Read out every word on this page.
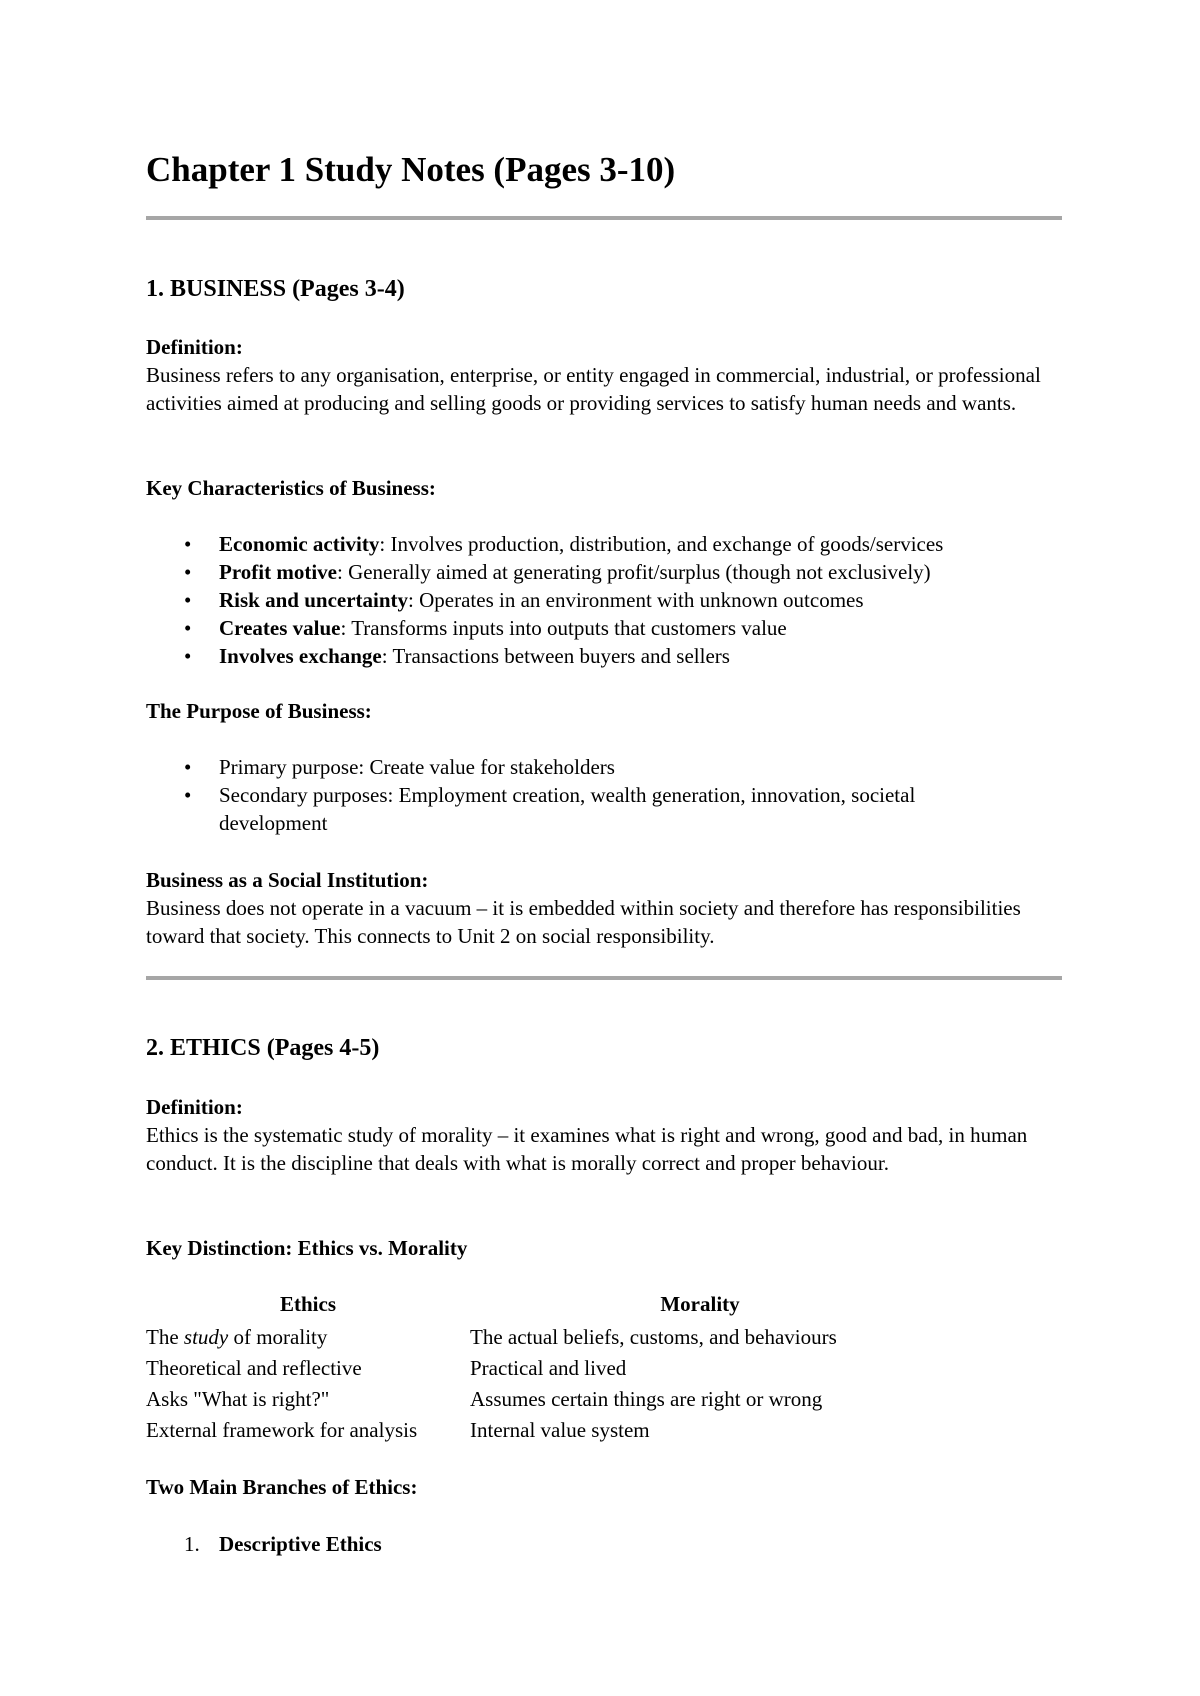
Chapter 1 Study Notes (Pages 3-10)
1. BUSINESS (Pages 3-4)

Definition:

Business refers to any organisation, enterprise, or entity engaged in commercial, industrial, or professional activities aimed at producing and selling goods or providing services to satisfy human needs and wants.

Key Characteristics of Business:

• Economic activity: Involves production, distribution, and exchange of goods/services
• Profit motive: Generally aimed at generating profit/surplus (though not exclusively)
• Risk and uncertainty: Operates in an environment with unknown outcomes
• Creates value: Transforms inputs into outputs that customers value
• Involves exchange: Transactions between buyers and sellers

The Purpose of Business:

• Primary purpose: Create value for stakeholders
• Secondary purposes: Employment creation, wealth generation, innovation, societal development

Business as a Social Institution:

Business does not operate in a vacuum – it is embedded within society and therefore has responsibilities toward that society. This connects to Unit 2 on social responsibility.

2. ETHICS (Pages 4-5)

Definition:

Ethics is the systematic study of morality – it examines what is right and wrong, good and bad, in human conduct. It is the discipline that deals with what is morally correct and proper behaviour.

Key Distinction: Ethics vs. Morality

Ethics	Morality
The study of morality	The actual beliefs, customs, and behaviours
Theoretical and reflective	Practical and lived
Asks "What is right?"	Assumes certain things are right or wrong
External framework for analysis	Internal value system

Two Main Branches of Ethics:

1. Descriptive Ethics
